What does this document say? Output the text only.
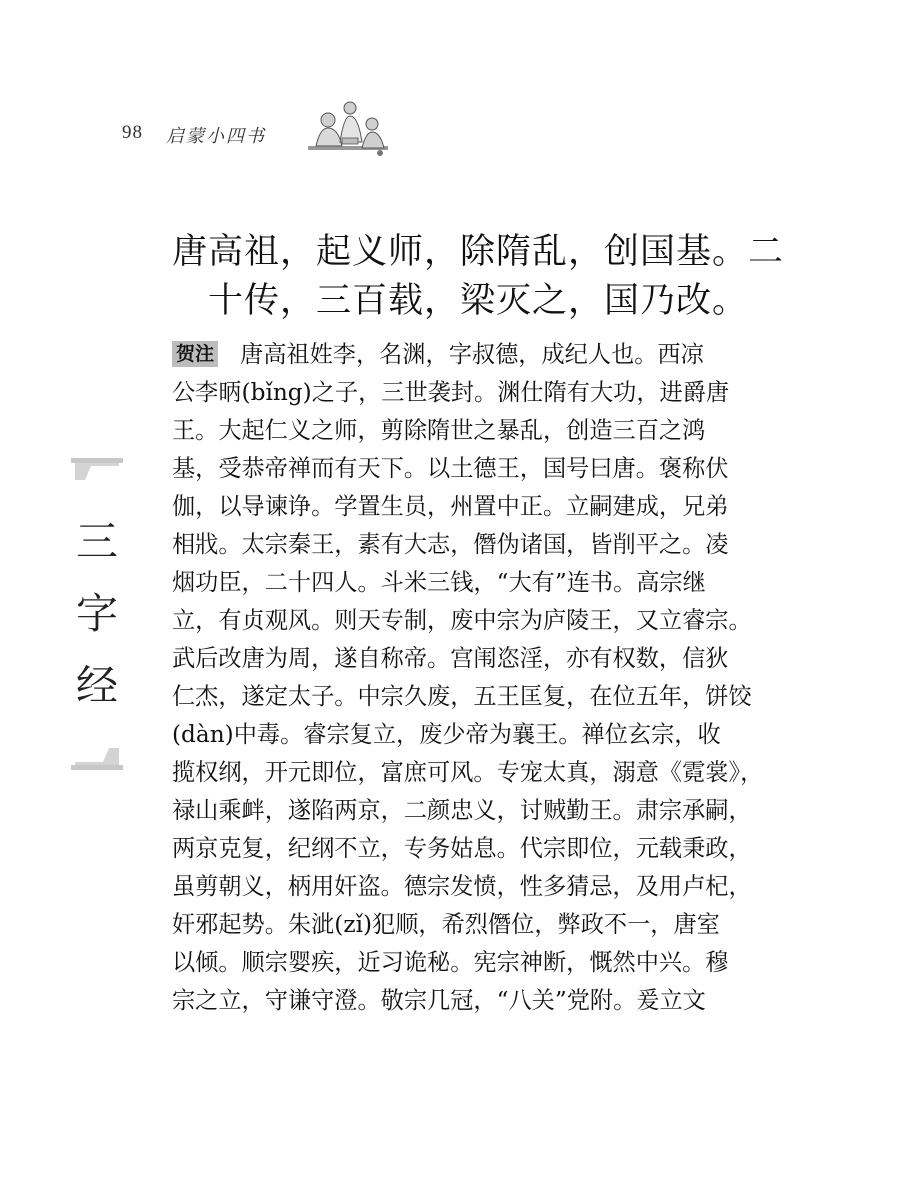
98	启蒙小四书
三
字
经
唐高祖，起义师，除隋乱，创国基。二
十传，三百载，梁灭之，国乃改。
贺注 唐高祖姓李，名渊，字叔德，成纪人也。西凉
公李昞(bǐng)之子，三世袭封。渊仕隋有大功，进爵唐
王。大起仁义之师，剪除隋世之暴乱，创造三百之鸿
基，受恭帝禅而有天下。以土德王，国号曰唐。褒称伏
伽，以导谏诤。学置生员，州置中正。立嗣建成，兄弟
相戕。太宗秦王，素有大志，僭伪诸国，皆削平之。凌
烟功臣，二十四人。斗米三钱，“大有”连书。高宗继
立，有贞观风。则天专制，废中宗为庐陵王，又立睿宗。
武后改唐为周，遂自称帝。宫闱恣淫，亦有权数，信狄
仁杰，遂定太子。中宗久废，五王匡复，在位五年，饼饺
(dàn)中毒。睿宗复立，废少帝为襄王。禅位玄宗，收
揽权纲，开元即位，富庶可风。专宠太真，溺意《霓裳》，
禄山乘衅，遂陷两京，二颜忠义，讨贼勤王。肃宗承嗣，
两京克复，纪纲不立，专务姑息。代宗即位，元载秉政，
虽剪朝义，柄用奸盗。德宗发愤，性多猜忌，及用卢杞，
奸邪起势。朱泚(zǐ)犯顺，希烈僭位，弊政不一，唐室
以倾。顺宗婴疾，近习诡秘。宪宗神断，慨然中兴。穆
宗之立，守谦守澄。敬宗几冠，“八关”党附。爰立文
